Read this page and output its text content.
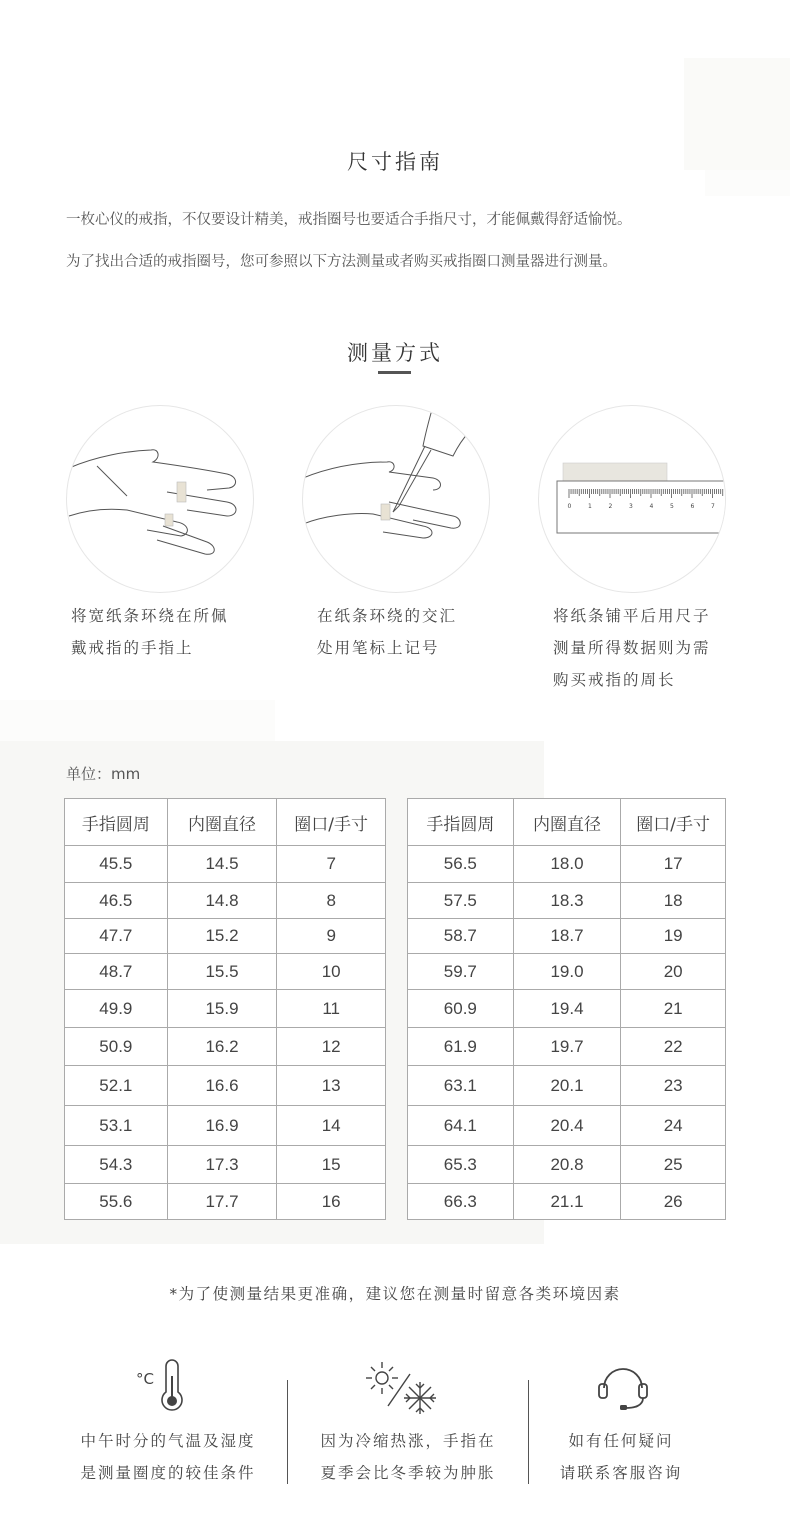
尺寸指南
一枚心仪的戒指，不仅要设计精美，戒指圈号也要适合手指尺寸，才能佩戴得舒适愉悦。
为了找出合适的戒指圈号，您可参照以下方法测量或者购买戒指圈口测量器进行测量。
测量方式
0	1	2	3	4	5	6	7
将宽纸条环绕在所佩
戴戒指的手指上
在纸条环绕的交汇
处用笔标上记号
将纸条铺平后用尺子
测量所得数据则为需
购买戒指的周长
单位：mm
手指圆周	内圈直径	圈口/手寸
45.5	14.5	7
46.5	14.8	8
47.7	15.2	9
48.7	15.5	10
49.9	15.9	11
50.9	16.2	12
52.1	16.6	13
53.1	16.9	14
54.3	17.3	15
55.6	17.7	16
手指圆周	内圈直径	圈口/手寸
56.5	18.0	17
57.5	18.3	18
58.7	18.7	19
59.7	19.0	20
60.9	19.4	21
61.9	19.7	22
63.1	20.1	23
64.1	20.4	24
65.3	20.8	25
66.3	21.1	26
*为了使测量结果更准确，建议您在测量时留意各类环境因素
°C
中午时分的气温及湿度
是测量圈度的较佳条件
因为冷缩热涨，手指在
夏季会比冬季较为肿胀
如有任何疑问
请联系客服咨询
